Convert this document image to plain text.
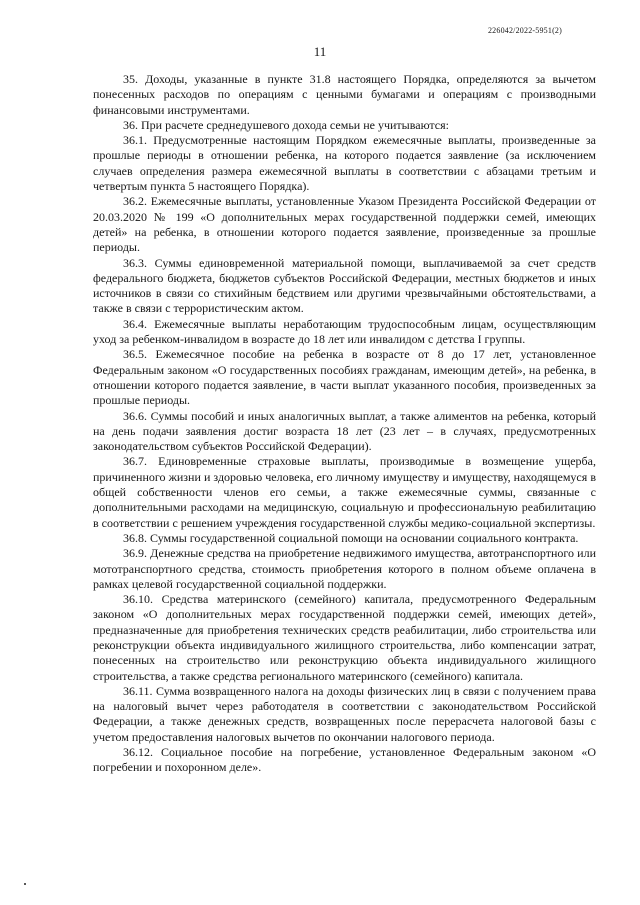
226042/2022-5951(2)
11

35. Доходы, указанные в пункте 31.8 настоящего Порядка, определяются за вычетом понесенных расходов по операциям с ценными бумагами и операциям с производными финансовыми инструментами.

36. При расчете среднедушевого дохода семьи не учитываются:

36.1. Предусмотренные настоящим Порядком ежемесячные выплаты, произведенные за прошлые периоды в отношении ребенка, на которого подается заявление (за исключением случаев определения размера ежемесячной выплаты в соответствии с абзацами третьим и четвертым пункта 5 настоящего Порядка).

36.2. Ежемесячные выплаты, установленные Указом Президента Российской Федерации от 20.03.2020 № 199 «О дополнительных мерах государственной поддержки семей, имеющих детей» на ребенка, в отношении которого подается заявление, произведенные за прошлые периоды.

36.3. Суммы единовременной материальной помощи, выплачиваемой за счет средств федерального бюджета, бюджетов субъектов Российской Федерации, местных бюджетов и иных источников в связи со стихийным бедствием или другими чрезвычайными обстоятельствами, а также в связи с террористическим актом.

36.4. Ежемесячные выплаты неработающим трудоспособным лицам, осуществляющим уход за ребенком-инвалидом в возрасте до 18 лет или инвалидом с детства I группы.

36.5. Ежемесячное пособие на ребенка в возрасте от 8 до 17 лет, установленное Федеральным законом «О государственных пособиях гражданам, имеющим детей», на ребенка, в отношении которого подается заявление, в части выплат указанного пособия, произведенных за прошлые периоды.

36.6. Суммы пособий и иных аналогичных выплат, а также алиментов на ребенка, который на день подачи заявления достиг возраста 18 лет (23 лет – в случаях, предусмотренных законодательством субъектов Российской Федерации).

36.7. Единовременные страховые выплаты, производимые в возмещение ущерба, причиненного жизни и здоровью человека, его личному имуществу и имуществу, находящемуся в общей собственности членов его семьи, а также ежемесячные суммы, связанные с дополнительными расходами на медицинскую, социальную и профессиональную реабилитацию в соответствии с решением учреждения государственной службы медико-социальной экспертизы.

36.8. Суммы государственной социальной помощи на основании социального контракта.

36.9. Денежные средства на приобретение недвижимого имущества, автотранспортного или мототранспортного средства, стоимость приобретения которого в полном объеме оплачена в рамках целевой государственной социальной поддержки.

36.10. Средства материнского (семейного) капитала, предусмотренного Федеральным законом «О дополнительных мерах государственной поддержки семей, имеющих детей», предназначенные для приобретения технических средств реабилитации, либо строительства или реконструкции объекта индивидуального жилищного строительства, либо компенсации затрат, понесенных на строительство или реконструкцию объекта индивидуального жилищного строительства, а также средства регионального материнского (семейного) капитала.

36.11. Сумма возвращенного налога на доходы физических лиц в связи с получением права на налоговый вычет через работодателя в соответствии с законодательством Российской Федерации, а также денежных средств, возвращенных после перерасчета налоговой базы с учетом предоставления налоговых вычетов по окончании налогового периода.

36.12. Социальное пособие на погребение, установленное Федеральным законом «О погребении и похоронном деле».
